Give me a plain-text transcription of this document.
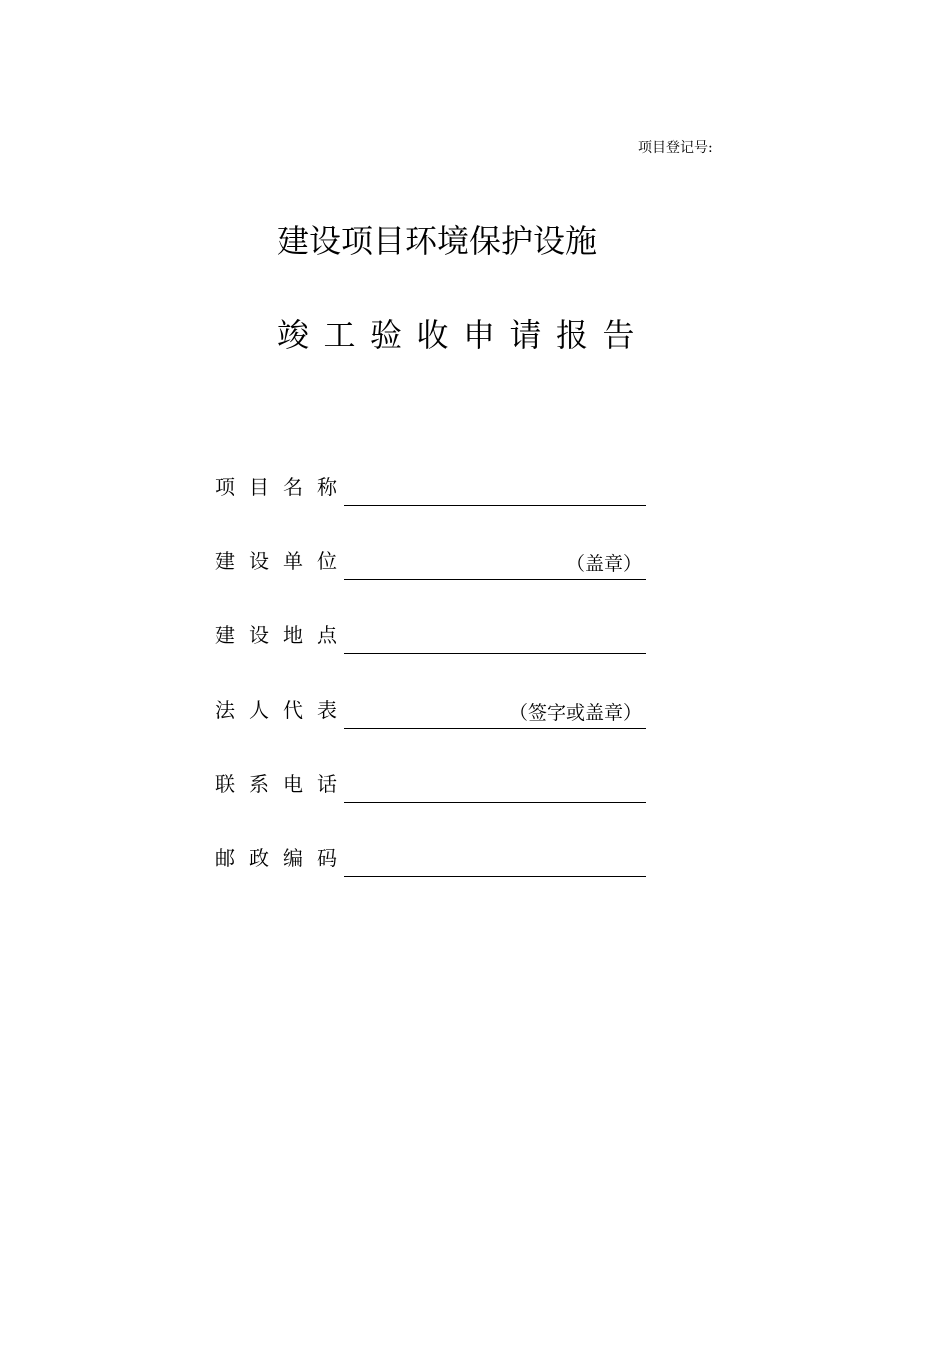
项目登记号:
建设项目环境保护设施
竣 工 验 收 申 请 报 告
项 目 名 称
建 设 单 位	（盖章）
建 设 地 点
法 人 代 表	（签字或盖章）
联 系 电 话
邮 政 编 码
